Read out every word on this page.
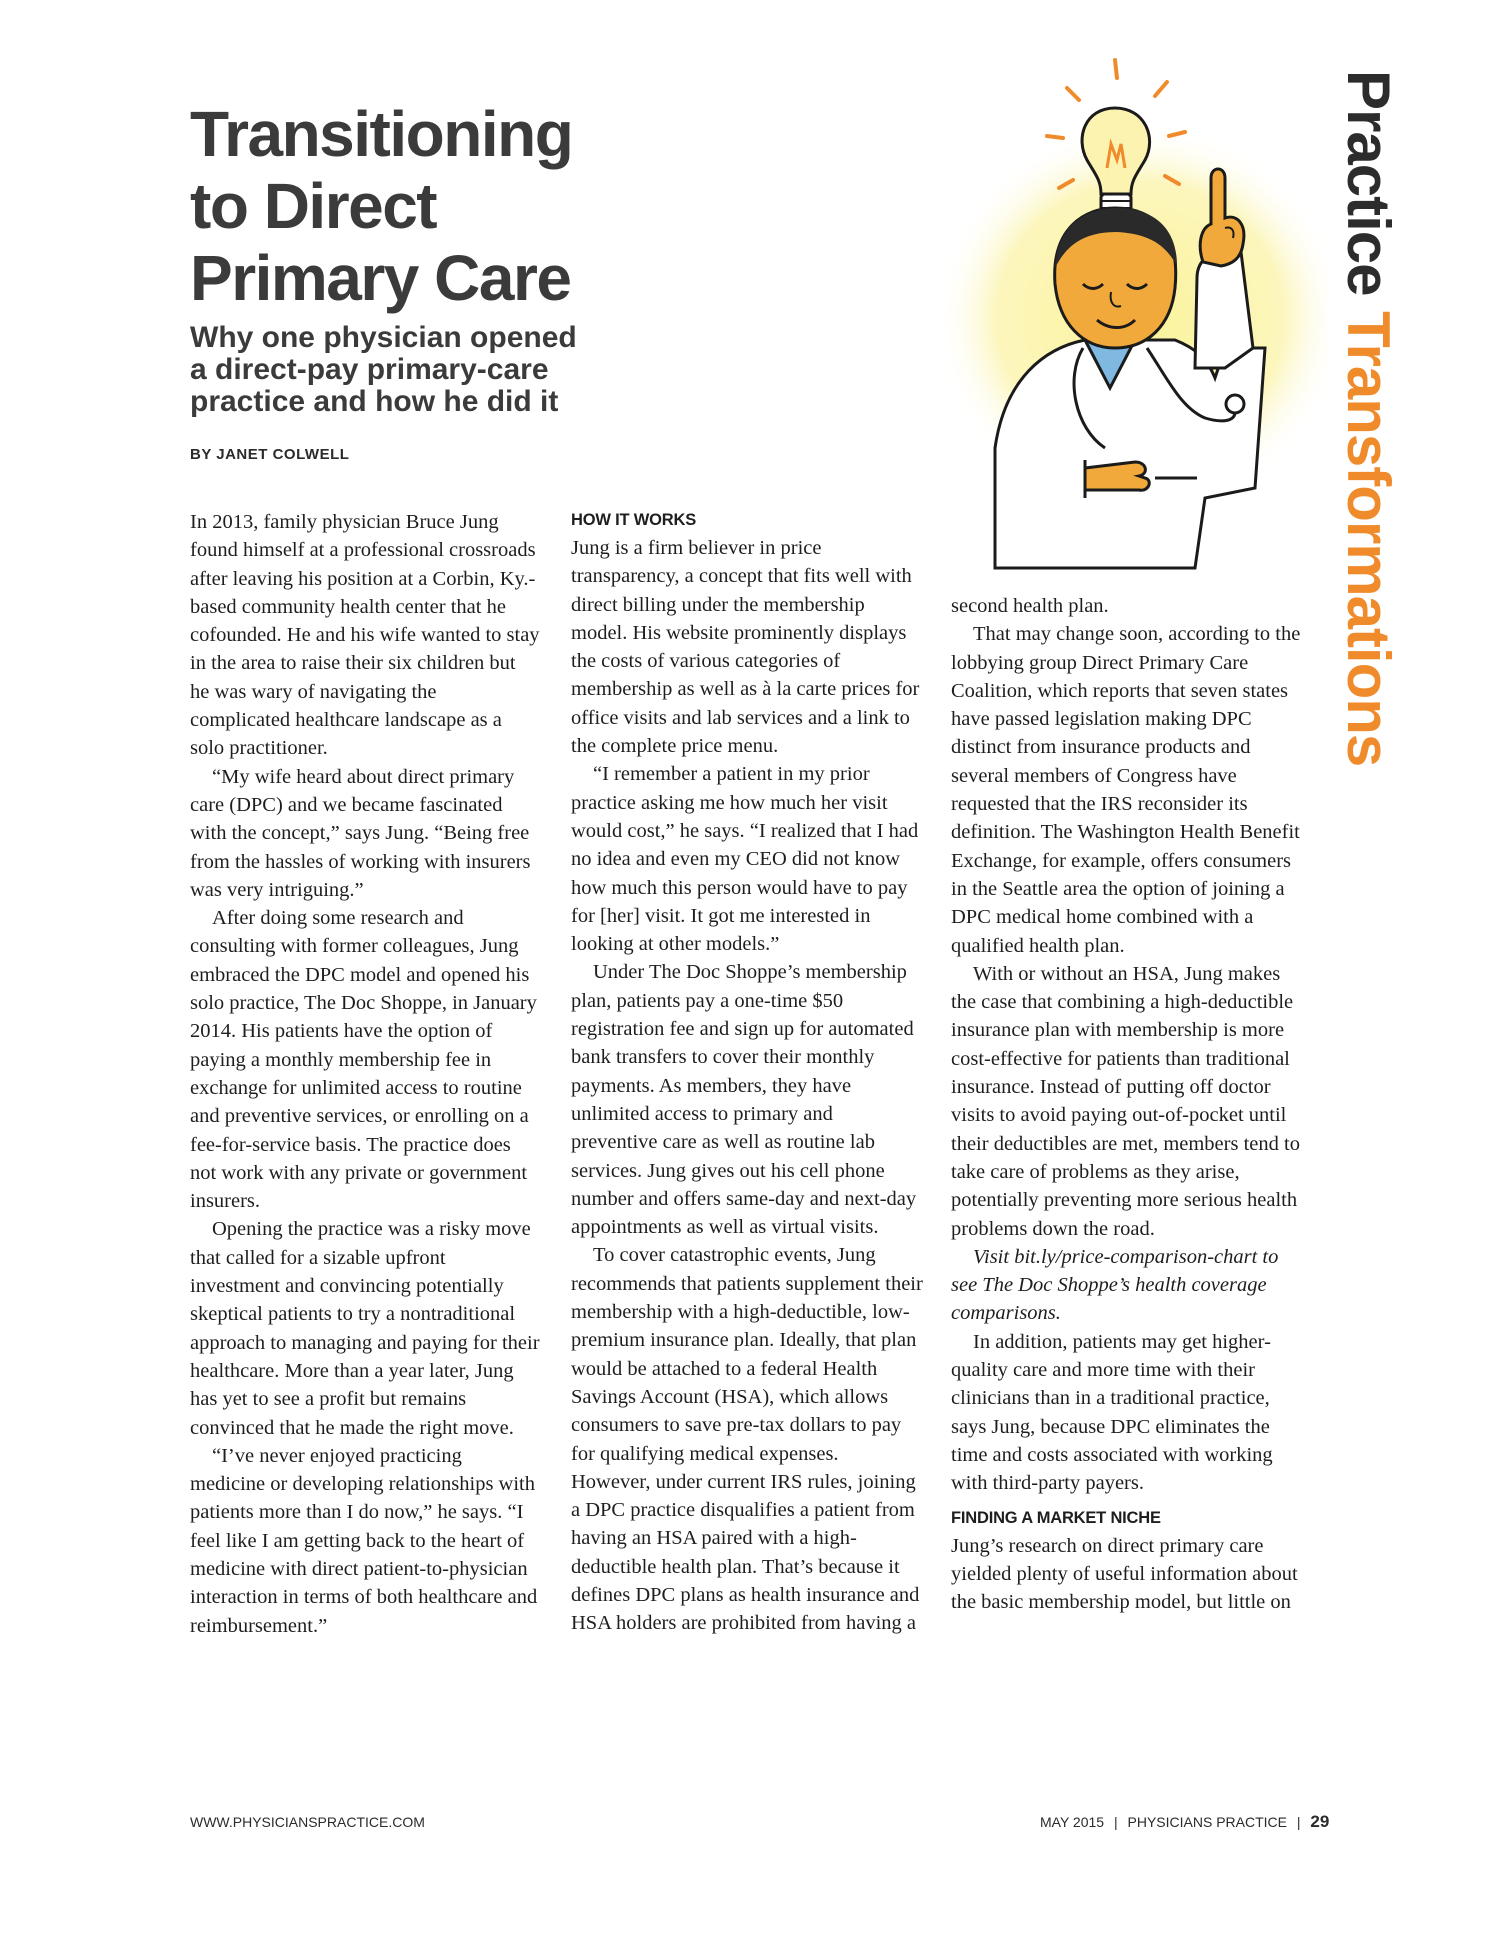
Transitioning
to Direct
Primary Care
Why one physician opened
a direct-pay primary-care
practice and how he did it
BY JANET COLWELL
Practice Transformations

In 2013, family physician Bruce Jung found himself at a professional crossroads after leaving his position at a Corbin, Ky.-based community health center that he cofounded. He and his wife wanted to stay in the area to raise their six children but he was wary of navigating the complicated healthcare landscape as a solo practitioner.

“My wife heard about direct primary care (DPC) and we became fascinated with the concept,” says Jung. “Being free from the hassles of working with insurers was very intriguing.”

After doing some research and consulting with former colleagues, Jung embraced the DPC model and opened his solo practice, The Doc Shoppe, in January 2014. His patients have the option of paying a monthly membership fee in exchange for unlimited access to routine and preventive services, or enrolling on a fee-for-service basis. The practice does not work with any private or government insurers.

Opening the practice was a risky move that called for a sizable upfront investment and convincing potentially skeptical patients to try a nontraditional approach to managing and paying for their healthcare. More than a year later, Jung has yet to see a profit but remains convinced that he made the right move.

“I’ve never enjoyed practicing medicine or developing relationships with patients more than I do now,” he says. “I feel like I am getting back to the heart of medicine with direct patient-to-physician interaction in terms of both healthcare and reimbursement.”

HOW IT WORKS

Jung is a firm believer in price transparency, a concept that fits well with direct billing under the membership model. His website prominently displays the costs of various categories of membership as well as à la carte prices for office visits and lab services and a link to the complete price menu.

“I remember a patient in my prior practice asking me how much her visit would cost,” he says. “I realized that I had no idea and even my CEO did not know how much this person would have to pay for [her] visit. It got me interested in looking at other models.”

Under The Doc Shoppe’s membership plan, patients pay a one-time $50 registration fee and sign up for automated bank transfers to cover their monthly payments. As members, they have unlimited access to primary and preventive care as well as routine lab services. Jung gives out his cell phone number and offers same-day and next-day appointments as well as virtual visits.

To cover catastrophic events, Jung recommends that patients supplement their membership with a high-deductible, low-premium insurance plan. Ideally, that plan would be attached to a federal Health Savings Account (HSA), which allows consumers to save pre-tax dollars to pay for qualifying medical expenses. However, under current IRS rules, joining a DPC practice disqualifies a patient from having an HSA paired with a high-deductible health plan. That’s because it defines DPC plans as health insurance and HSA holders are prohibited from having a

second health plan.

That may change soon, according to the lobbying group Direct Primary Care Coalition, which reports that seven states have passed legislation making DPC distinct from insurance products and several members of Congress have requested that the IRS reconsider its definition. The Washington Health Benefit Exchange, for example, offers consumers in the Seattle area the option of joining a DPC medical home combined with a qualified health plan.

With or without an HSA, Jung makes the case that combining a high-deductible insurance plan with membership is more cost-effective for patients than traditional insurance. Instead of putting off doctor visits to avoid paying out-of-pocket until their deductibles are met, members tend to take care of problems as they arise, potentially preventing more serious health problems down the road.

Visit bit.ly/price-comparison-chart to see The Doc Shoppe’s health coverage comparisons.

In addition, patients may get higher-quality care and more time with their clinicians than in a traditional practice, says Jung, because DPC eliminates the time and costs associated with working with third-party payers.

FINDING A MARKET NICHE

Jung’s research on direct primary care yielded plenty of useful information about the basic membership model, but little on

WWW.PHYSICIANSPRACTICE.COM	MAY 2015 | PHYSICIANS PRACTICE | 29
